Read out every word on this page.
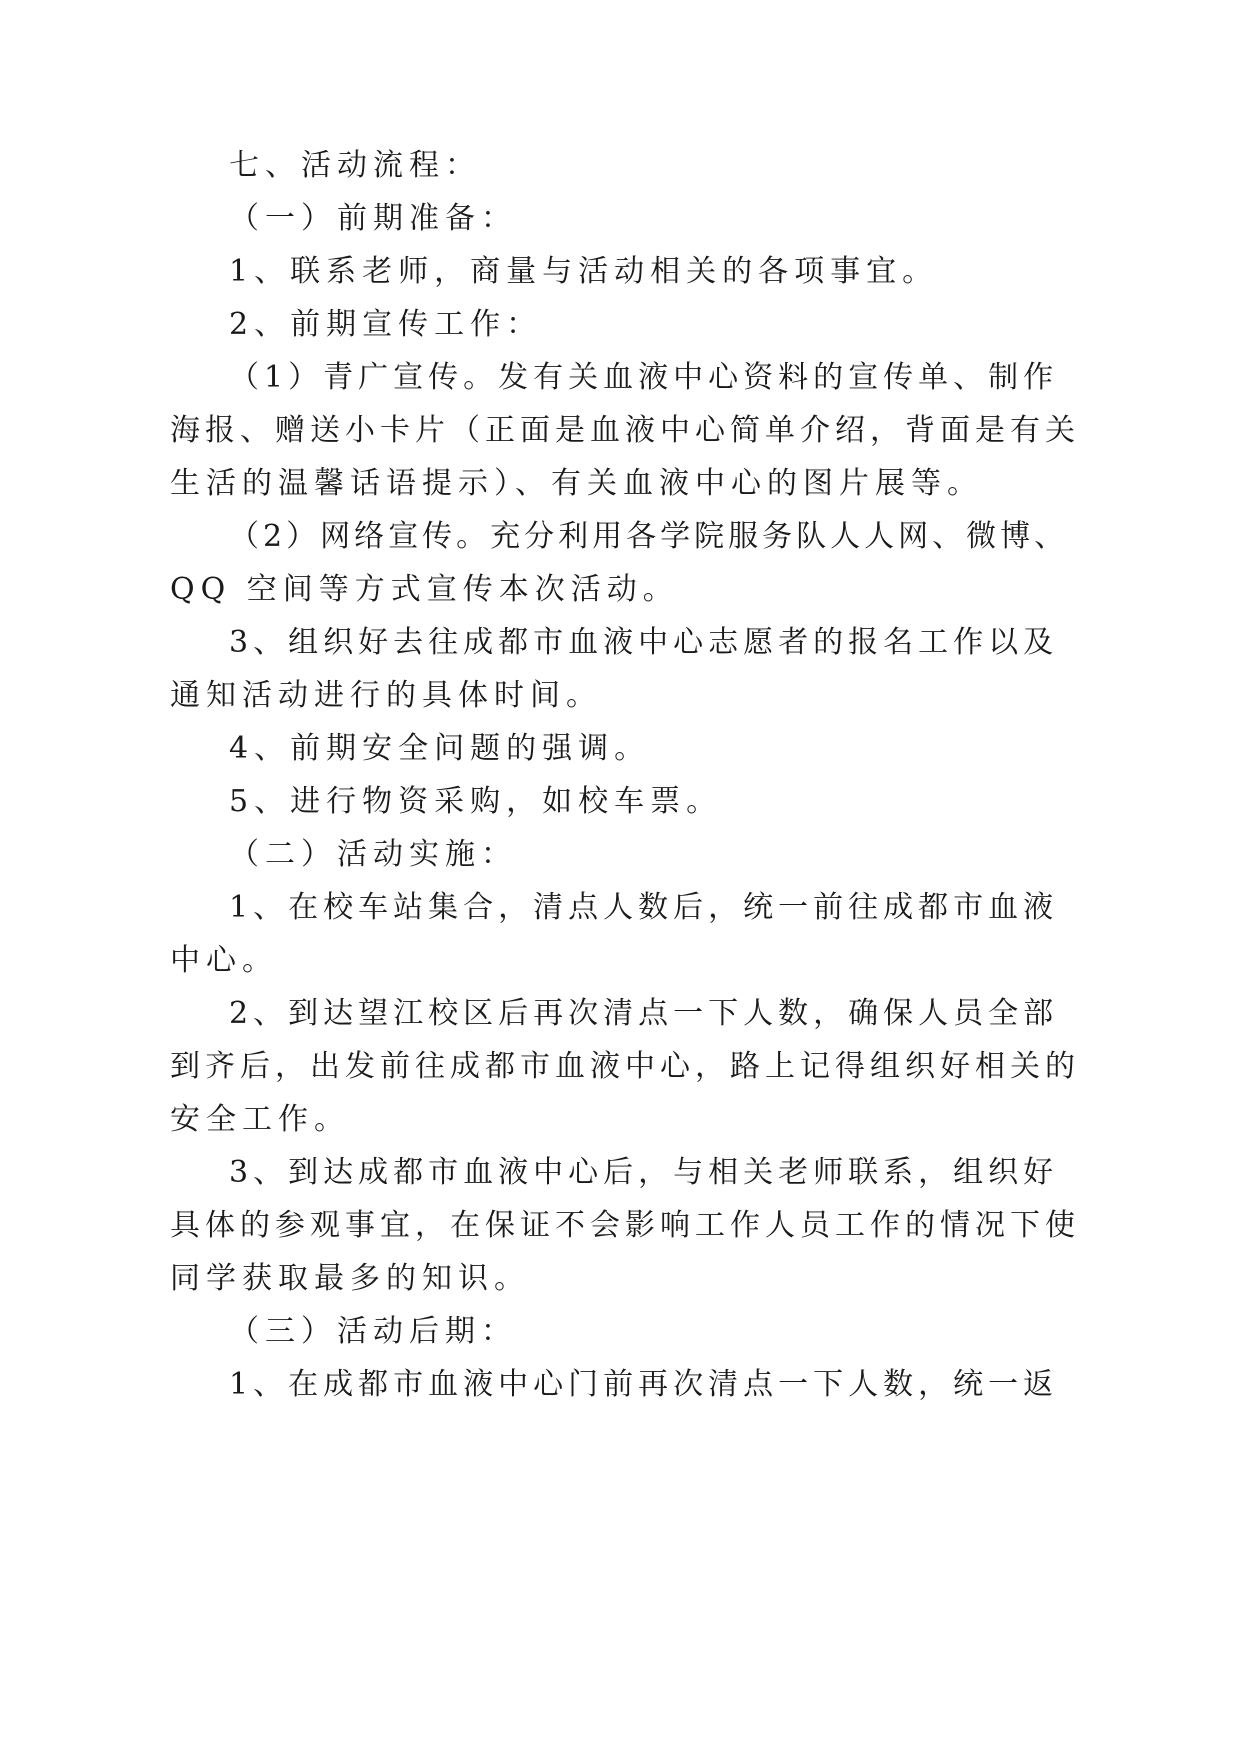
七、活动流程：
（一）前期准备：
1、联系老师，商量与活动相关的各项事宜。
2、前期宣传工作：
（1）青广宣传。发有关血液中心资料的宣传单、制作
海报、赠送小卡片（正面是血液中心简单介绍，背面是有关
生活的温馨话语提示）、有关血液中心的图片展等。
（2）网络宣传。充分利用各学院服务队人人网、微博、
QQ 空间等方式宣传本次活动。
3、组织好去往成都市血液中心志愿者的报名工作以及
通知活动进行的具体时间。
4、前期安全问题的强调。
5、进行物资采购，如校车票。
（二）活动实施：
1、在校车站集合，清点人数后，统一前往成都市血液
中心。
2、到达望江校区后再次清点一下人数，确保人员全部
到齐后，出发前往成都市血液中心，路上记得组织好相关的
安全工作。
3、到达成都市血液中心后，与相关老师联系，组织好
具体的参观事宜，在保证不会影响工作人员工作的情况下使
同学获取最多的知识。
（三）活动后期：
1、在成都市血液中心门前再次清点一下人数，统一返
